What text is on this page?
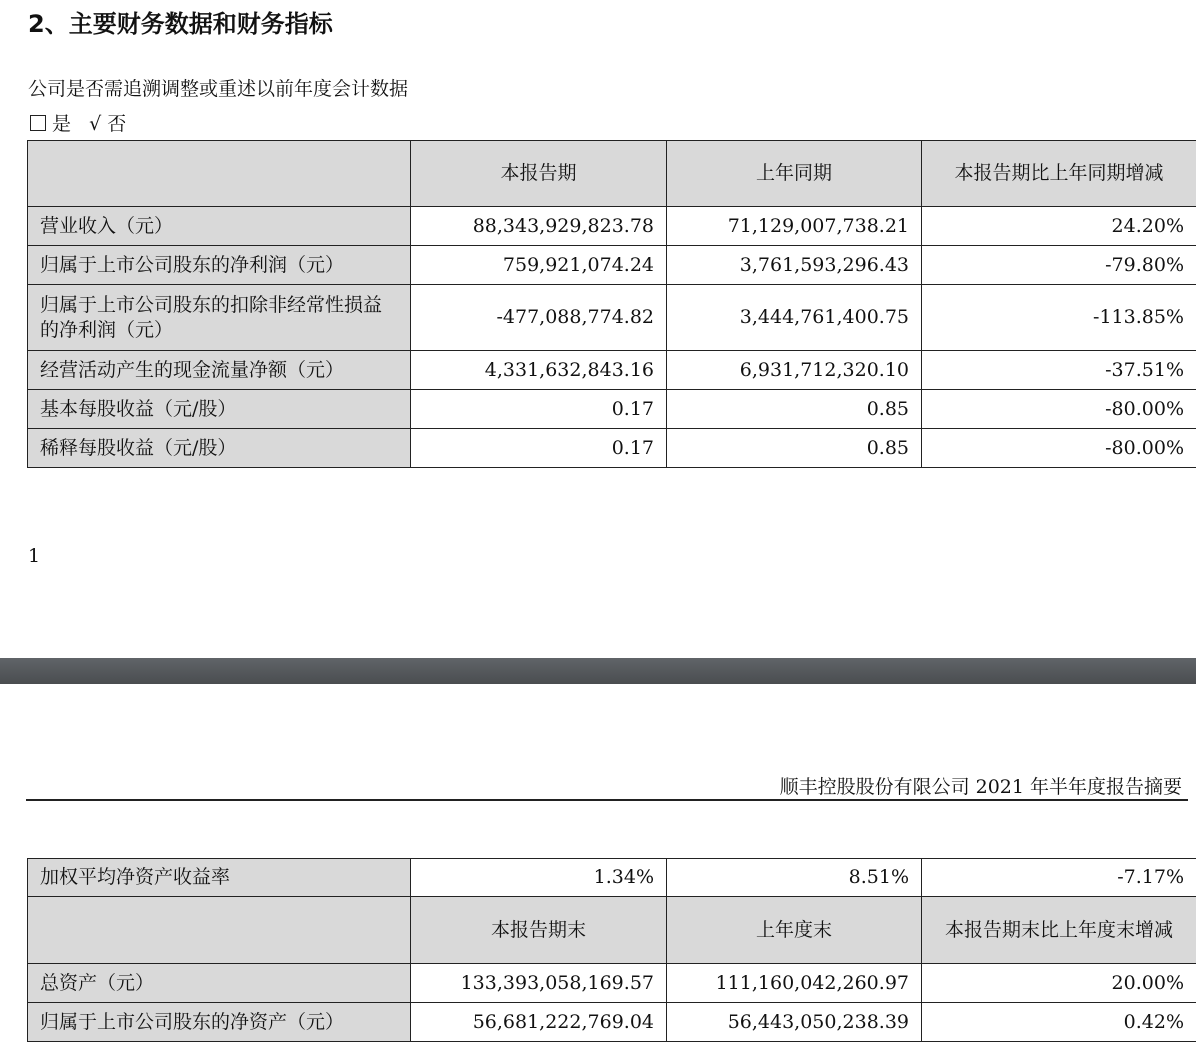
2、主要财务数据和财务指标
公司是否需追溯调整或重述以前年度会计数据
是 √ 否
	本报告期	上年同期	本报告期比上年同期增减
营业收入（元）	88,343,929,823.78	71,129,007,738.21	24.20%
归属于上市公司股东的净利润（元）	759,921,074.24	3,761,593,296.43	-79.80%
归属于上市公司股东的扣除非经常性损益的净利润（元）	-477,088,774.82	3,444,761,400.75	-113.85%
经营活动产生的现金流量净额（元）	4,331,632,843.16	6,931,712,320.10	-37.51%
基本每股收益（元/股）	0.17	0.85	-80.00%
稀释每股收益（元/股）	0.17	0.85	-80.00%
1
顺丰控股股份有限公司 2021 年半年度报告摘要
加权平均净资产收益率	1.34%	8.51%	-7.17%
	本报告期末	上年度末	本报告期末比上年度末增减
总资产（元）	133,393,058,169.57	111,160,042,260.97	20.00%
归属于上市公司股东的净资产（元）	56,681,222,769.04	56,443,050,238.39	0.42%
